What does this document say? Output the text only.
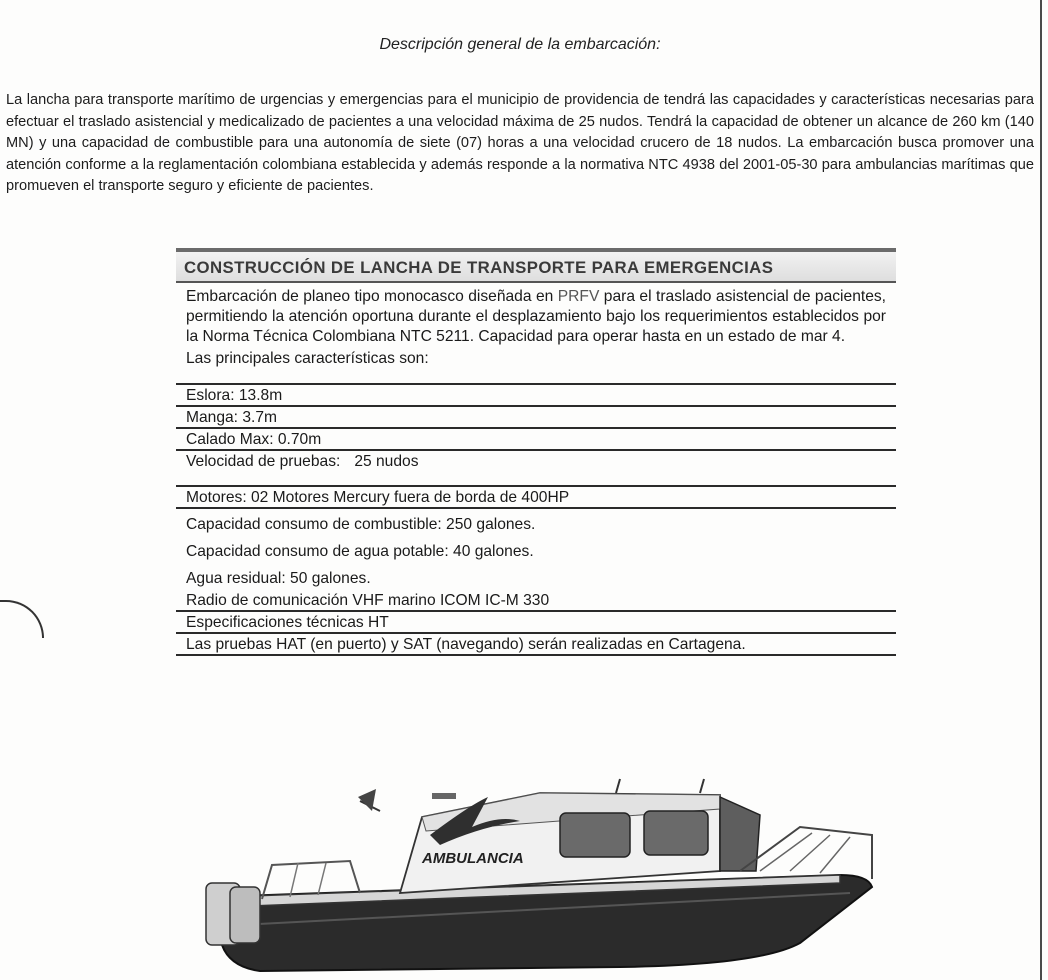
Descripción general de la embarcación:
La lancha para transporte marítimo de urgencias y emergencias para el municipio de providencia de tendrá las capacidades y características necesarias para efectuar el traslado asistencial y medicalizado de pacientes a una velocidad máxima de 25 nudos. Tendrá la capacidad de obtener un alcance de 260 km (140 MN) y una capacidad de combustible para una autonomía de siete (07) horas a una velocidad crucero de 18 nudos. La embarcación busca promover una atención conforme a la reglamentación colombiana establecida y además responde a la normativa NTC 4938 del 2001-05-30 para ambulancias marítimas que promueven el transporte seguro y eficiente de pacientes.
CONSTRUCCIÓN DE LANCHA DE TRANSPORTE PARA EMERGENCIAS
Embarcación de planeo tipo monocasco diseñada en PRFV para el traslado asistencial de pacientes, permitiendo la atención oportuna durante el desplazamiento bajo los requerimientos establecidos por la Norma Técnica Colombiana NTC 5211. Capacidad para operar hasta en un estado de mar 4.
Las principales características son:
Eslora: 13.8m
Manga: 3.7m
Calado Max: 0.70m
Velocidad de pruebas: 25 nudos
Motores: 02 Motores Mercury fuera de borda de 400HP
Capacidad consumo de combustible: 250 galones.
Capacidad consumo de agua potable: 40 galones.
Agua residual: 50 galones.
Radio de comunicación VHF marino ICOM IC-M 330
Especificaciones técnicas HT
Las pruebas HAT (en puerto) y SAT (navegando) serán realizadas en Cartagena.
AMBULANCIA
